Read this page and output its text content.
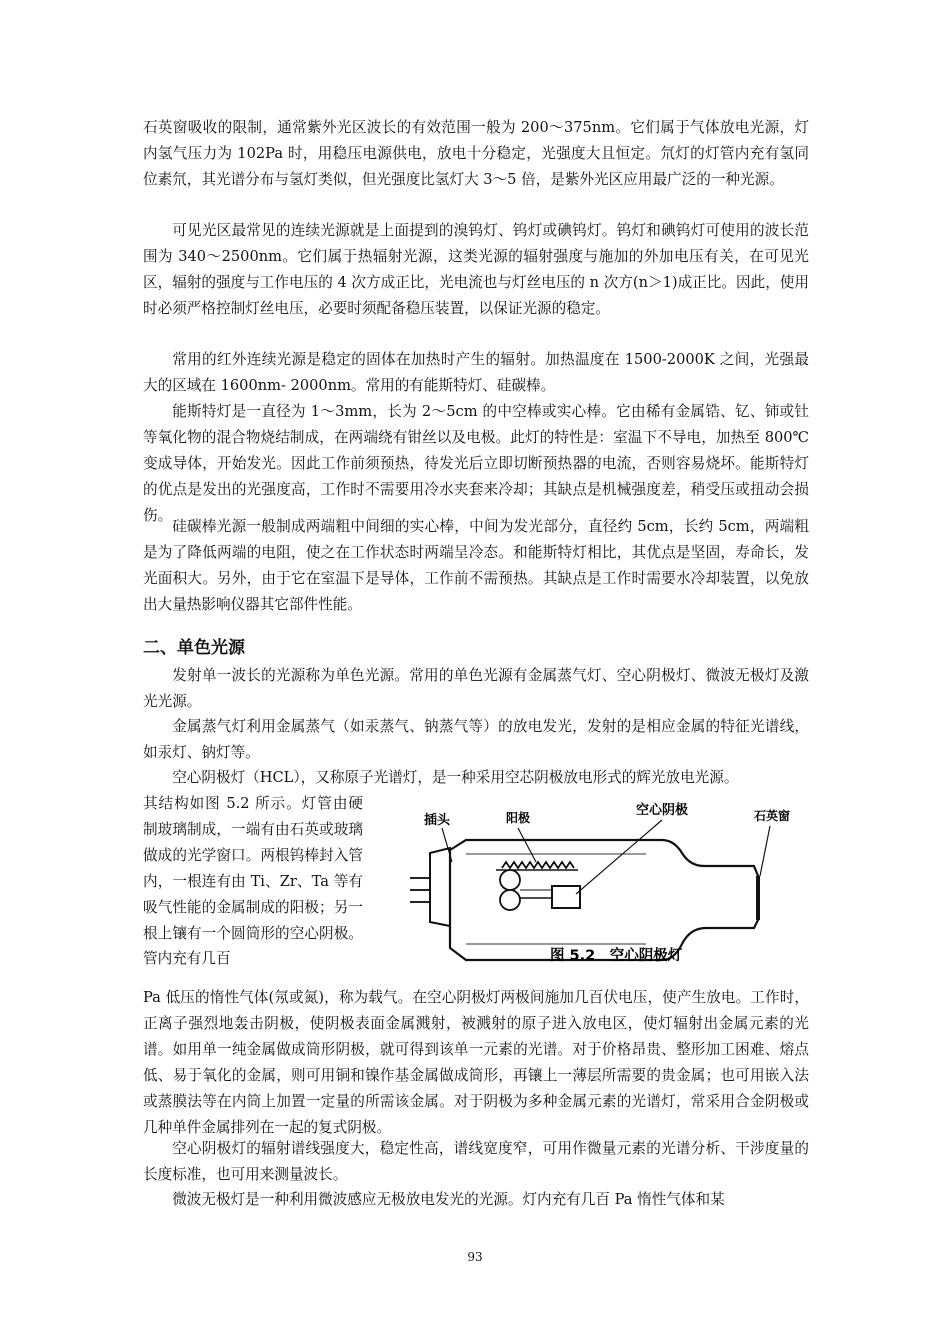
石英窗吸收的限制，通常紫外光区波长的有效范围一般为 200～375nm。它们属于气体放电光源，灯内氢气压力为 102Pa 时，用稳压电源供电，放电十分稳定，光强度大且恒定。氘灯的灯管内充有氢同位素氘，其光谱分布与氢灯类似，但光强度比氢灯大 3～5 倍，是紫外光区应用最广泛的一种光源。

可见光区最常见的连续光源就是上面提到的溴钨灯、钨灯或碘钨灯。钨灯和碘钨灯可使用的波长范围为 340～2500nm。它们属于热辐射光源，这类光源的辐射强度与施加的外加电压有关，在可见光区，辐射的强度与工作电压的 4 次方成正比，光电流也与灯丝电压的 n 次方(n＞1)成正比。因此，使用时必须严格控制灯丝电压，必要时须配备稳压装置，以保证光源的稳定。

常用的红外连续光源是稳定的固体在加热时产生的辐射。加热温度在 1500-2000K 之间，光强最大的区域在 1600nm- 2000nm。常用的有能斯特灯、硅碳棒。

能斯特灯是一直径为 1～3mm，长为 2～5cm 的中空棒或实心棒。它由稀有金属锆、钇、铈或钍等氧化物的混合物烧结制成，在两端绕有钳丝以及电极。此灯的特性是：室温下不导电，加热至 800℃变成导体，开始发光。因此工作前须预热，待发光后立即切断预热器的电流，否则容易烧坏。能斯特灯的优点是发出的光强度高，工作时不需要用冷水夹套来冷却；其缺点是机械强度差，稍受压或扭动会损伤。

硅碳棒光源一般制成两端粗中间细的实心棒，中间为发光部分，直径约 5cm，长约 5cm，两端粗是为了降低两端的电阻，使之在工作状态时两端呈冷态。和能斯特灯相比，其优点是坚固，寿命长，发光面积大。另外，由于它在室温下是导体，工作前不需预热。其缺点是工作时需要水冷却装置，以免放出大量热影响仪器其它部件性能。

二、单色光源

发射单一波长的光源称为单色光源。常用的单色光源有金属蒸气灯、空心阴极灯、微波无极灯及激光光源。

金属蒸气灯利用金属蒸气（如汞蒸气、钠蒸气等）的放电发光，发射的是相应金属的特征光谱线，如汞灯、钠灯等。

空心阴极灯（HCL），又称原子光谱灯，是一种采用空芯阴极放电形式的辉光放电光源。

其结构如图 5.2 所示。灯管由硬制玻璃制成，一端有由石英或玻璃做成的光学窗口。两根钨棒封入管内，一根连有由 Ti、Zr、Ta 等有吸气性能的金属制成的阳极；另一根上镶有一个圆筒形的空心阴极。管内充有几百

插头	阳极	空心阴极	石英窗
图 5.2　空心阴极灯

Pa 低压的惰性气体(氖或氮)，称为载气。在空心阴极灯两极间施加几百伏电压，使产生放电。工作时，正离子强烈地轰击阴极，使阴极表面金属溅射，被溅射的原子进入放电区，使灯辐射出金属元素的光谱。如用单一纯金属做成筒形阴极，就可得到该单一元素的光谱。对于价格昂贵、整形加工困难、熔点低、易于氧化的金属，则可用铜和镍作基金属做成筒形，再镶上一薄层所需要的贵金属；也可用嵌入法或蒸膜法等在内筒上加置一定量的所需该金属。对于阴极为多种金属元素的光谱灯，常采用合金阴极或几种单件金属排列在一起的复式阴极。

空心阴极灯的辐射谱线强度大，稳定性高，谱线宽度窄，可用作微量元素的光谱分析、干涉度量的长度标准，也可用来测量波长。

微波无极灯是一种利用微波感应无极放电发光的光源。灯内充有几百 Pa 惰性气体和某

93
